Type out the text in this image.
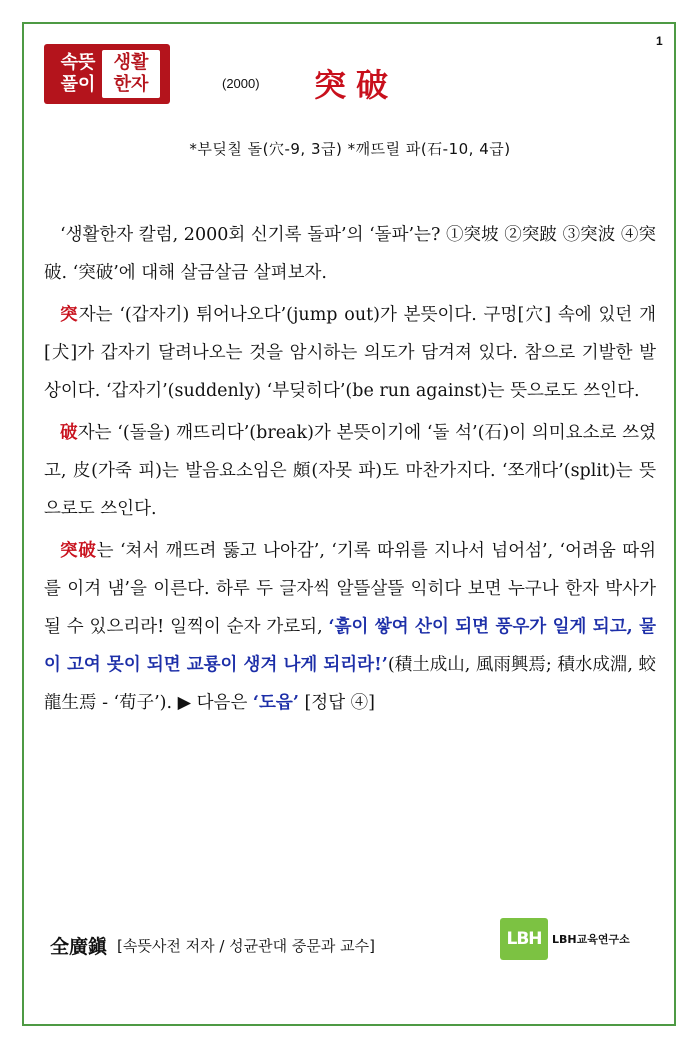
1
속뜻
풀이
생활
한자	(2000) 突破
*부딪칠 돌(穴-9, 3급) *깨뜨릴 파(石-10, 4급)

‘생활한자 칼럼, 2000회 신기록 돌파’의 ‘돌파’는? ①突坡 ②突跛 ③突波 ④突破. ‘突破’에 대해 살금살금 살펴보자.

突자는 ‘(갑자기) 튀어나오다’(jump out)가 본뜻이다. 구멍[穴] 속에 있던 개[犬]가 갑자기 달려나오는 것을 암시하는 의도가 담겨져 있다. 참으로 기발한 발상이다. ‘갑자기’(suddenly) ‘부딪히다’(be run against)는 뜻으로도 쓰인다.

破자는 ‘(돌을) 깨뜨리다’(break)가 본뜻이기에 ‘돌 석’(石)이 의미요소로 쓰였고, 皮(가죽 피)는 발음요소임은 頗(자못 파)도 마찬가지다. ‘쪼개다’(split)는 뜻으로도 쓰인다.

突破는 ‘쳐서 깨뜨려 뚫고 나아감’, ‘기록 따위를 지나서 넘어섬’, ‘어려움 따위를 이겨 냄’을 이른다. 하루 두 글자씩 알뜰살뜰 익히다 보면 누구나 한자 박사가 될 수 있으리라! 일찍이 순자 가로되, ‘흙이 쌓여 산이 되면 풍우가 일게 되고, 물이 고여 못이 되면 교룡이 생겨 나게 되리라!’(積土成山, 風雨興焉; 積水成淵, 蛟龍生焉 - ‘荀子’). ▶ 다음은 ‘도읍’ [정답 ④]

全廣鎭 [속뜻사전 저자 / 성균관대 중문과 교수]	LBH LBH교육연구소
